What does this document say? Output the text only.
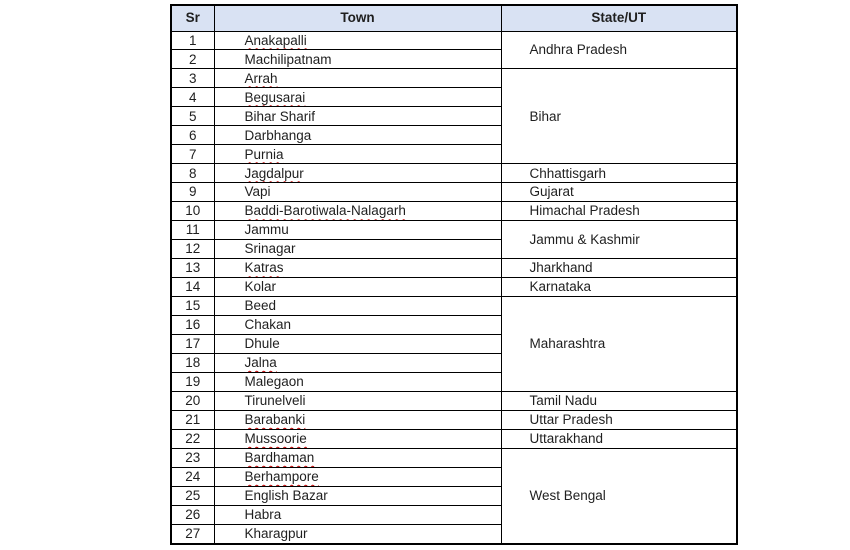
Sr	Town	State/UT
1	Anakapalli	Andhra Pradesh
2	Machilipatnam	
3	Arrah	Bihar
4	Begusarai	
5	Bihar Sharif	
6	Darbhanga	
7	Purnia	
8	Jagdalpur	Chhattisgarh
9	Vapi	Gujarat
10	Baddi-Barotiwala-Nalagarh	Himachal Pradesh
11	Jammu	Jammu & Kashmir
12	Srinagar	
13	Katras	Jharkhand
14	Kolar	Karnataka
15	Beed	Maharashtra
16	Chakan	
17	Dhule	
18	Jalna	
19	Malegaon	
20	Tirunelveli	Tamil Nadu
21	Barabanki	Uttar Pradesh
22	Mussoorie	Uttarakhand
23	Bardhaman	West Bengal
24	Berhampore	
25	English Bazar	
26	Habra	
27	Kharagpur	
